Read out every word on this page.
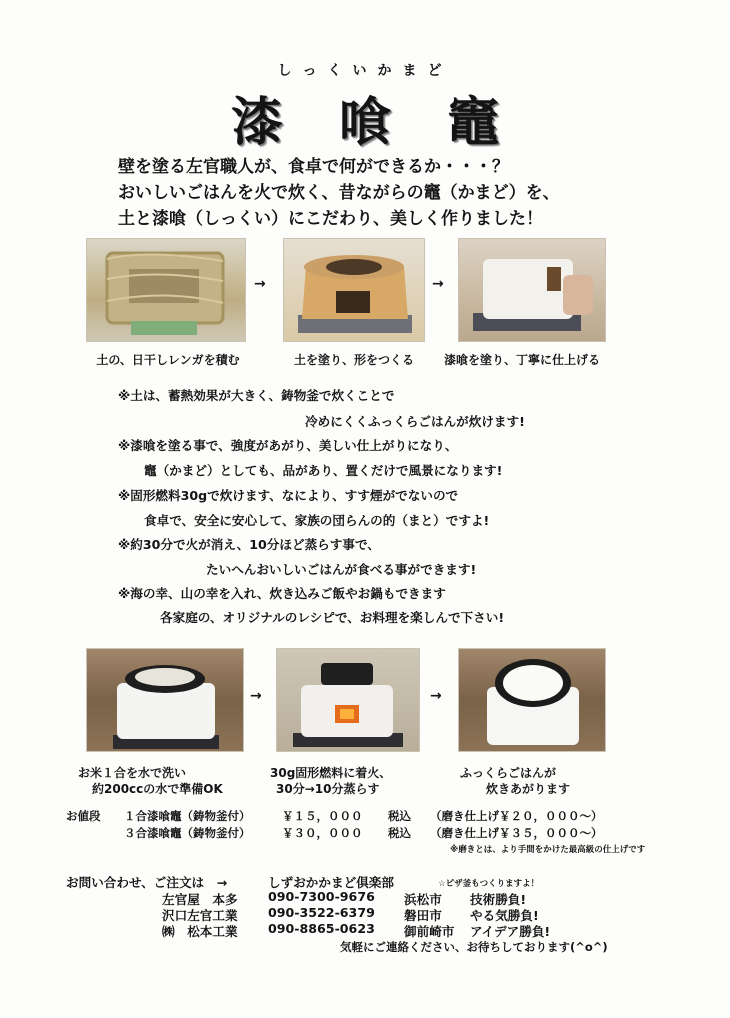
しっくいかまど
漆喰竈
壁を塗る左官職人が、食卓で何ができるか・・・？
おいしいごはんを火で炊く、昔ながらの竈（かまど）を、
土と漆喰（しっくい）にこだわり、美しく作りました！
→	→
土の、日干しレンガを積む	土を塗り、形をつくる	漆喰を塗り、丁寧に仕上げる
※土は、蓄熱効果が大きく、鋳物釜で炊くことで
冷めにくくふっくらごはんが炊けます!
※漆喰を塗る事で、強度があがり、美しい仕上がりになり、
竈（かまど）としても、品があり、置くだけで風景になります!
※固形燃料30gで炊けます、なにより、すす煙がでないので
食卓で、安全に安心して、家族の団らんの的（まと）ですよ!
※約30分で火が消え、10分ほど蒸らす事で、
たいへんおいしいごはんが食べる事ができます!
※海の幸、山の幸を入れ、炊き込みご飯やお鍋もできます
各家庭の、オリジナルのレシピで、お料理を楽しんで下さい!
→	→
お米１合を水で洗い
約200ccの水で準備OK
30g固形燃料に着火、
30分→10分蒸らす
ふっくらごはんが
炊きあがります
お値段 １合漆喰竈（鋳物釜付）	￥１５，０００ 税込 （磨き仕上げ￥２０，０００～）
３合漆喰竈（鋳物釜付）	￥３０，０００ 税込 （磨き仕上げ￥３５，０００～）
※磨きとは、より手間をかけた最高級の仕上げです
お問い合わせ、ご注文は　→	しずおかかまど倶楽部	☆ピザ釜もつくりますよ！
左官屋　本多 090-7300-9676 浜松市 技術勝負!
沢口左官工業 090-3522-6379 磐田市 やる気勝負!
㈱　松本工業 090-8865-0623 御前崎市 アイデア勝負!
気軽にご連絡ください、お待ちしております(^o^)
